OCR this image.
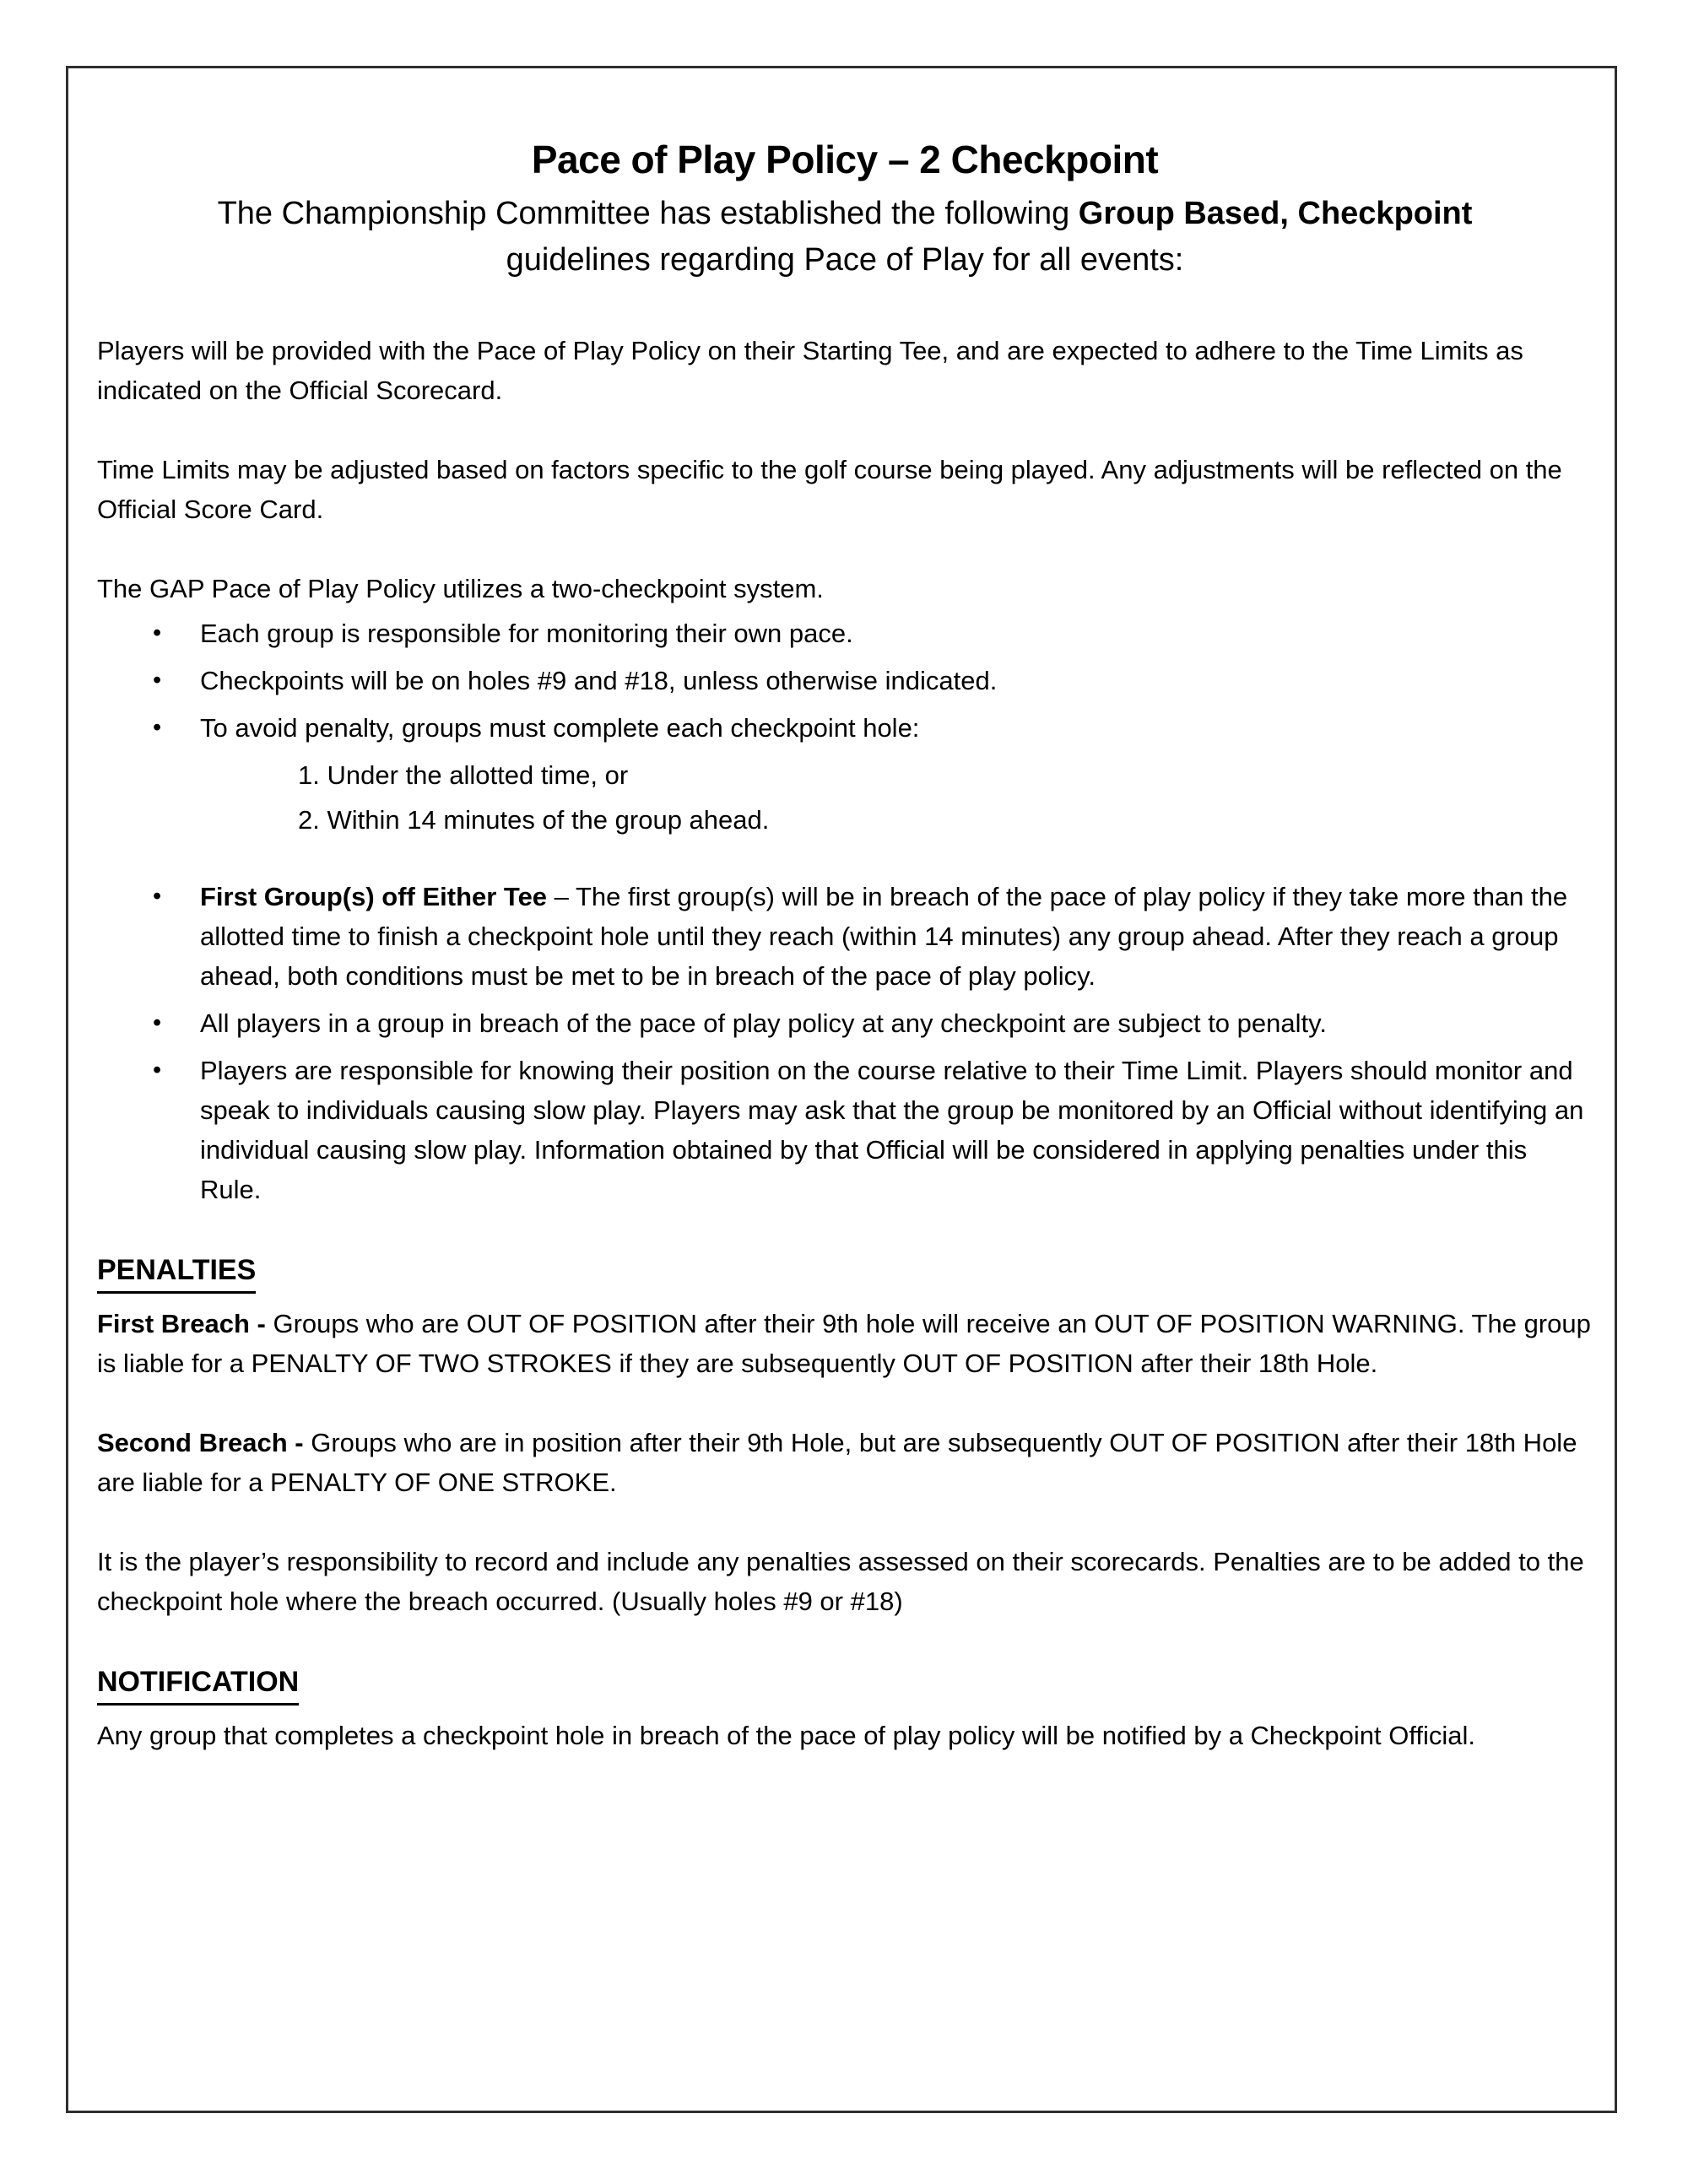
Pace of Play Policy – 2 Checkpoint
The Championship Committee has established the following Group Based, Checkpoint
guidelines regarding Pace of Play for all events:

Players will be provided with the Pace of Play Policy on their Starting Tee, and are expected to adhere to the Time Limits as indicated on the Official Scorecard.

Time Limits may be adjusted based on factors specific to the golf course being played. Any adjustments will be reflected on the Official Score Card.

The GAP Pace of Play Policy utilizes a two-checkpoint system.

•
Each group is responsible for monitoring their own pace.
•
Checkpoints will be on holes #9 and #18, unless otherwise indicated.
•
To avoid penalty, groups must complete each checkpoint hole:
1. Under the allotted time, or
2. Within 14 minutes of the group ahead.
•
First Group(s) off Either Tee – The first group(s) will be in breach of the pace of play policy if they take more than the allotted time to finish a checkpoint hole until they reach (within 14 minutes) any group ahead. After they reach a group ahead, both conditions must be met to be in breach of the pace of play policy.
•
All players in a group in breach of the pace of play policy at any checkpoint are subject to penalty.
•
Players are responsible for knowing their position on the course relative to their Time Limit. Players should monitor and speak to individuals causing slow play. Players may ask that the group be monitored by an Official without identifying an individual causing slow play. Information obtained by that Official will be considered in applying penalties under this Rule.
PENALTIES

First Breach - Groups who are OUT OF POSITION after their 9th hole will receive an OUT OF POSITION WARNING. The group is liable for a PENALTY OF TWO STROKES if they are subsequently OUT OF POSITION after their 18th Hole.

Second Breach - Groups who are in position after their 9th Hole, but are subsequently OUT OF POSITION after their 18th Hole are liable for a PENALTY OF ONE STROKE.

It is the player’s responsibility to record and include any penalties assessed on their scorecards. Penalties are to be added to the checkpoint hole where the breach occurred. (Usually holes #9 or #18)

NOTIFICATION

Any group that completes a checkpoint hole in breach of the pace of play policy will be notified by a Checkpoint Official.
